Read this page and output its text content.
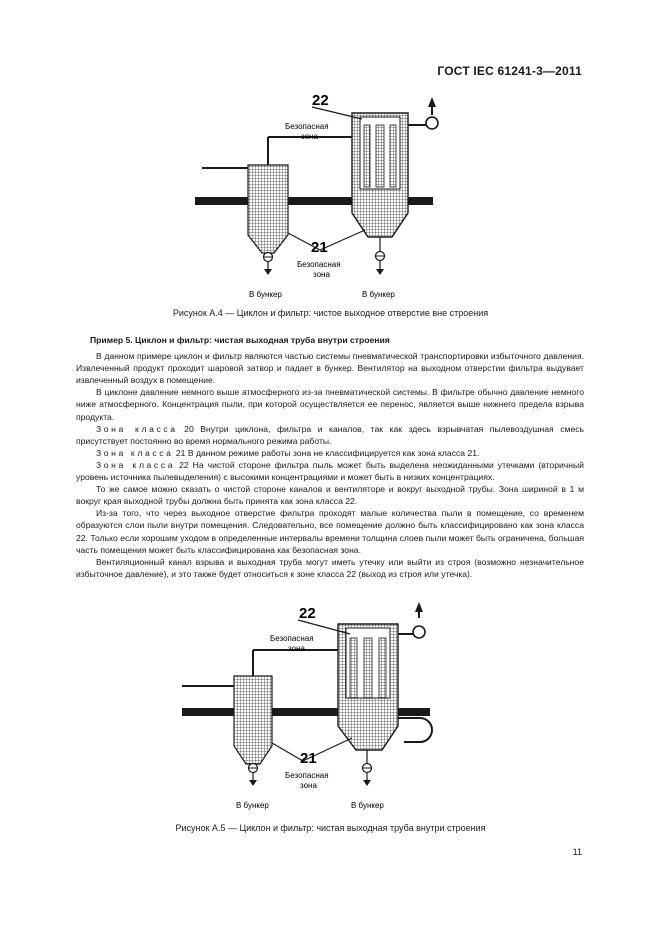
ГОСТ IEC 61241-3—2011
22
21
Безопасная
зона
Безопасная
зона
В бункер	В бункер
Рисунок А.4 — Циклон и фильтр: чистое выходное отверстие вне строения

Пример 5. Циклон и фильтр: чистая выходная труба внутри строения

В данном примере циклон и фильтр являются частью системы пневматической транспортировки избыточного давления. Извлеченный продукт проходит шаровой затвор и падает в бункер. Вентилятор на выходном отверстии фильтра выдувает извлеченный воздух в помещение.

В циклоне давление немного выше атмосферного из-за пневматической системы. В фильтре обычно давление немного ниже атмосферного. Концентрация пыли, при которой осуществляется ее перенос, является выше нижнего предела взрыва продукта.

Зона класса 20 Внутри циклона, фильтра и каналов, так как здесь взрывчатая пылевоздушная смесь присутствует постоянно во время нормального режима работы.

Зона класса 21 В данном режиме работы зона не классифицируется как зона класса 21.

Зона класса 22 На чистой стороне фильтра пыль может быть выделена неожиданными утечками (вторичный уровень источника пылевыделения) с высокими концентрациями и может быть в низких концентрациях.

То же самое можно сказать о чистой стороне каналов и вентиляторе и вокруг выходной трубы. Зона шириной в 1 м вокруг края выходной трубы должна быть принята как зона класса 22.

Из-за того, что через выходное отверстие фильтра проходят малые количества пыли в помещение, со временем образуются слои пыли внутри помещения. Следовательно, все помещение должно быть классифицировано как зона класса 22. Только если хорошим уходом в определенные интервалы времени толщина слоев пыли может быть ограничена, большая часть помещения может быть классифицирована как безопасная зона.

Вентиляционный канал взрыва и выходная труба могут иметь утечку или выйти из строя (возможно незначительное избыточное давление), и это также будет относиться к зоне класса 22 (выход из строя или утечка).

22
21
Безопасная
зона
Безопасная
зона
В бункер	В бункер
Рисунок А.5 — Циклон и фильтр: чистая выходная труба внутри строения
11
